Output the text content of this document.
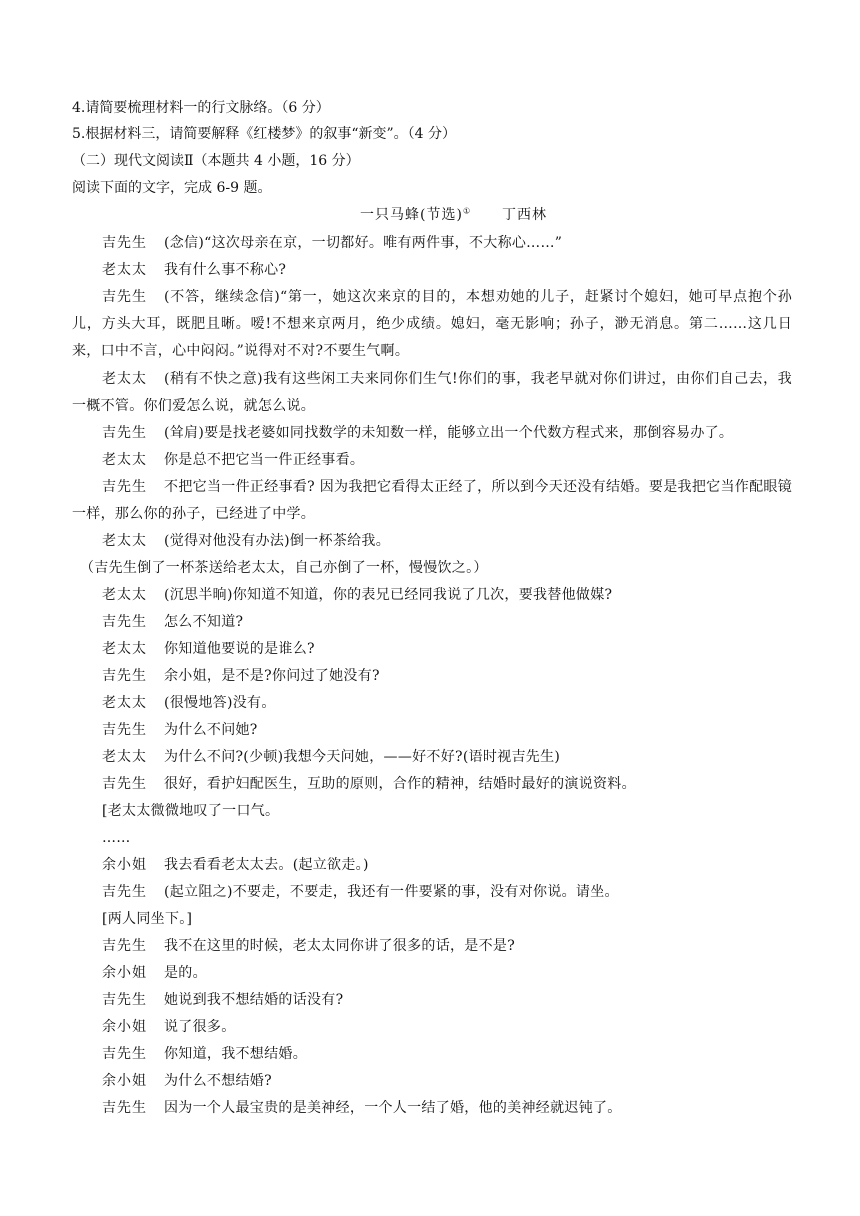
4.请简要梳理材料一的行文脉络。（6 分）
5.根据材料三，请简要解释《红楼梦》的叙事“新变”。（4 分）
（二）现代文阅读Ⅱ（本题共 4 小题，16 分）
阅读下面的文字，完成 6-9 题。
一只马蜂(节选)① 丁西林
吉先生 (念信)“这次母亲在京，一切都好。唯有两件事，不大称心……”
老太太 我有什么事不称心?
吉先生 (不答，继续念信)“第一，她这次来京的目的，本想劝她的儿子，赶紧讨个媳妇，她可早点抱个孙儿，方头大耳，既肥且晰。嗳!不想来京两月，绝少成绩。媳妇，毫无影响；孙子，渺无消息。第二……这几日来，口中不言，心中闷闷。”说得对不对?不要生气啊。
老太太 (稍有不快之意)我有这些闲工夫来同你们生气!你们的事，我老早就对你们讲过，由你们自己去，我一概不管。你们爱怎么说，就怎么说。
吉先生 (耸肩)要是找老婆如同找数学的未知数一样，能够立出一个代数方程式来，那倒容易办了。
老太太 你是总不把它当一件正经事看。
吉先生 不把它当一件正经事看? 因为我把它看得太正经了，所以到今天还没有结婚。要是我把它当作配眼镜一样，那么你的孙子，已经进了中学。
老太太 (觉得对他没有办法)倒一杯茶给我。
（吉先生倒了一杯茶送给老太太，自己亦倒了一杯，慢慢饮之。）
老太太 (沉思半晌)你知道不知道，你的表兄已经同我说了几次，要我替他做媒?
吉先生 怎么不知道?
老太太 你知道他要说的是谁么?
吉先生 余小姐，是不是?你问过了她没有?
老太太 (很慢地答)没有。
吉先生 为什么不问她?
老太太 为什么不问?(少顿)我想今天问她，——好不好?(语时视吉先生)
吉先生 很好，看护妇配医生，互助的原则，合作的精神，结婚时最好的演说资料。
[老太太微微地叹了一口气。
……
余小姐 我去看看老太太去。(起立欲走。)
吉先生 (起立阻之)不要走，不要走，我还有一件要紧的事，没有对你说。请坐。
[两人同坐下。]
吉先生 我不在这里的时候，老太太同你讲了很多的话，是不是?
余小姐 是的。
吉先生 她说到我不想结婚的话没有?
余小姐 说了很多。
吉先生 你知道，我不想结婚。
余小姐 为什么不想结婚?
吉先生 因为一个人最宝贵的是美神经，一个人一结了婚，他的美神经就迟钝了。
